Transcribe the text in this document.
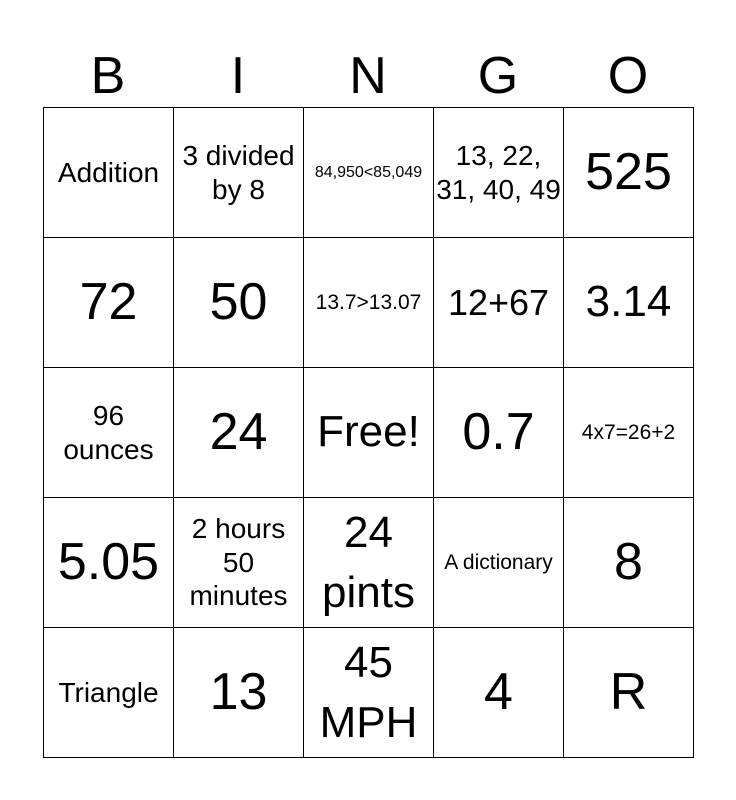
B	I	N	G	O
Addition	3 divided by 8	84,950<85,049	13, 22, 31, 40, 49	525
72	50	13.7>13.07	12+67	3.14
96 ounces	24	Free!	0.7	4x7=26+2
5.05	2 hours 50 minutes	24 pints	A dictionary	8
Triangle	13	45 MPH	4	R
